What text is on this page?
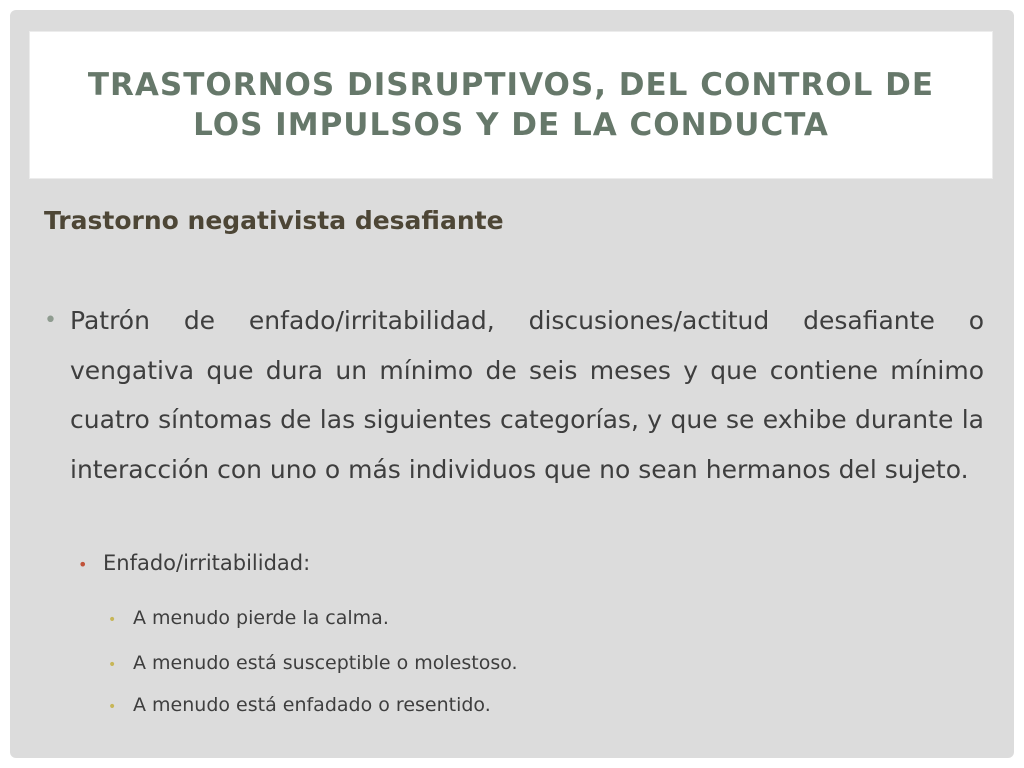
TRASTORNOS DISRUPTIVOS, DEL CONTROL DE
LOS IMPULSOS Y DE LA CONDUCTA
Trastorno negativista desafiante
• Patrón de enfado/irritabilidad, discusiones/actitud desafiante o vengativa que dura un mínimo de seis meses y que contiene mínimo cuatro síntomas de las siguientes categorías, y que se exhibe durante la interacción con uno o más individuos que no sean hermanos del sujeto.

• Enfado/irritabilidad:
• A menudo pierde la calma.
• A menudo está susceptible o molestoso.
• A menudo está enfadado o resentido.
